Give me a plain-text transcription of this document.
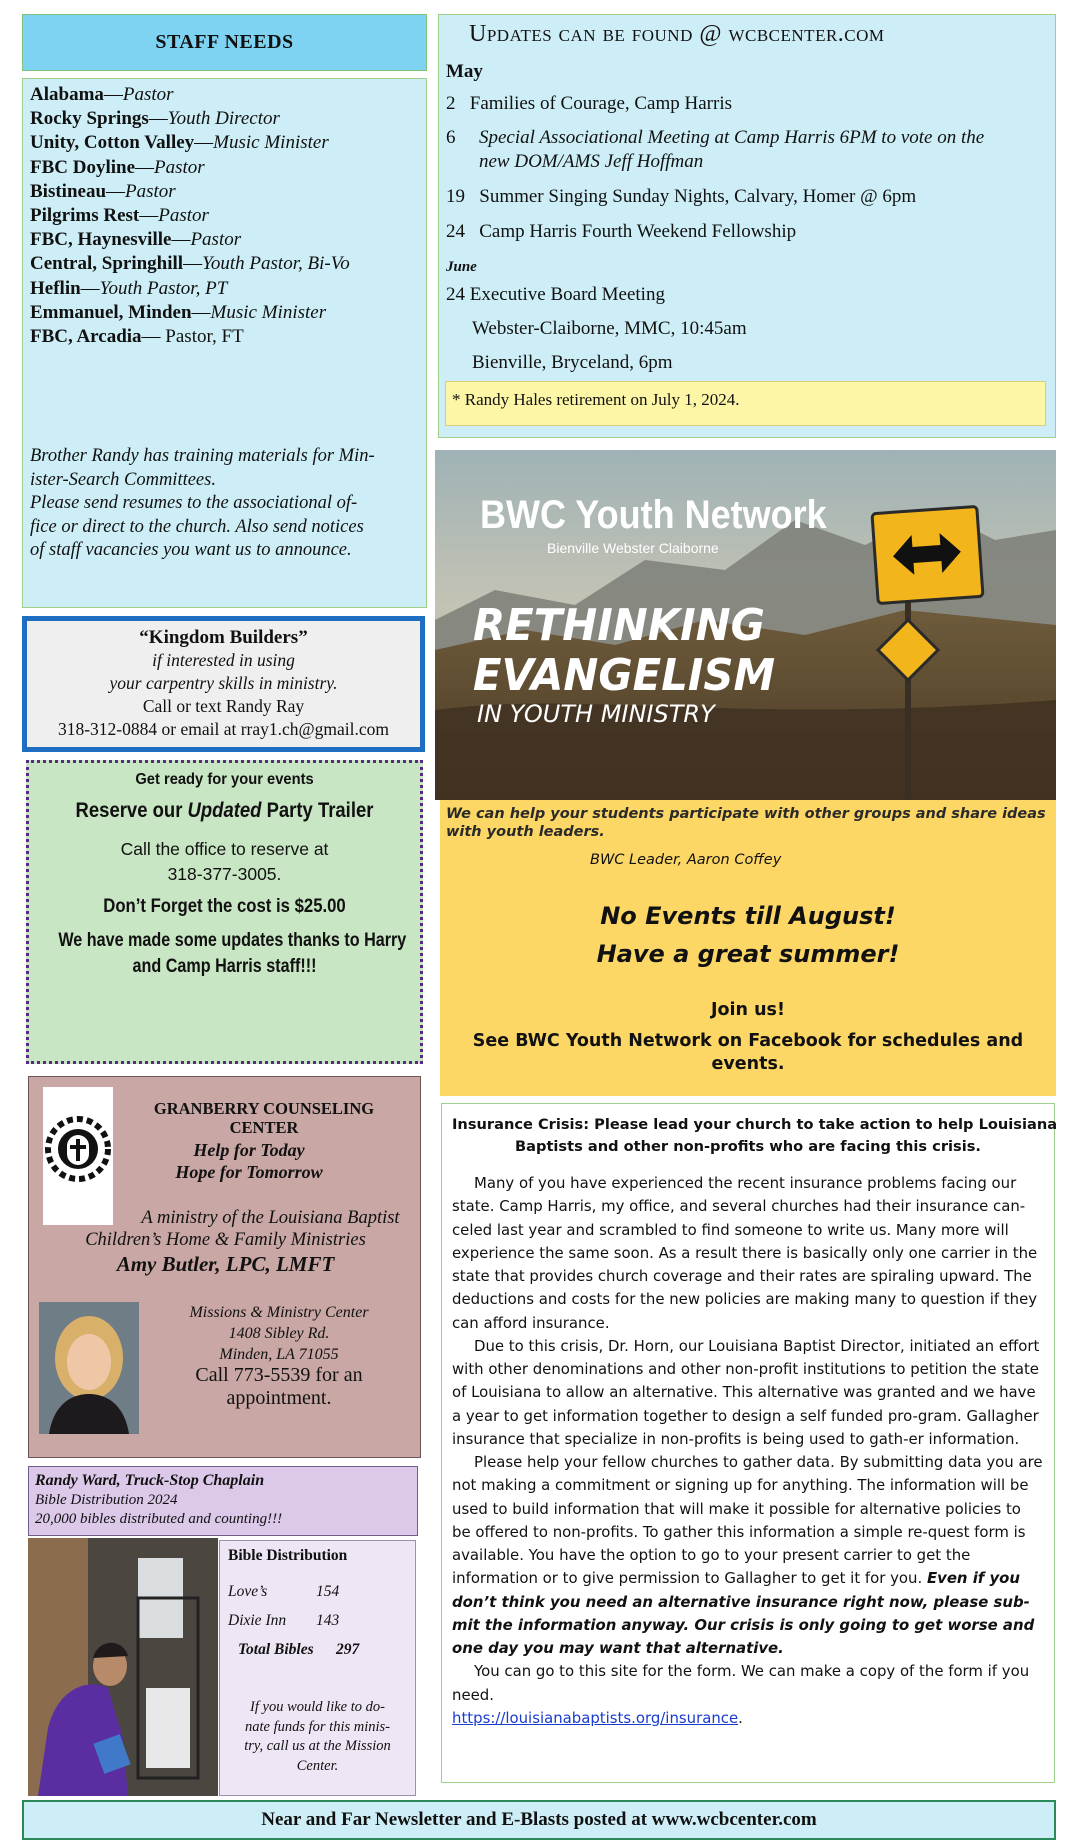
STAFF NEEDS
Alabama—Pastor
Rocky Springs—Youth Director
Unity, Cotton Valley—Music Minister
FBC Doyline—Pastor
Bistineau—Pastor
Pilgrims Rest—Pastor
FBC, Haynesville—Pastor
Central, Springhill—Youth Pastor, Bi-Vo
Heflin—Youth Pastor, PT
Emmanuel, Minden—Music Minister
FBC, Arcadia— Pastor, FT
Brother Randy has training materials for Min-
ister-Search Committees.
Please send resumes to the associational of-
fice or direct to the church. Also send notices
of staff vacancies you want us to announce.
Updates can be found @ wcbcenter.com
May
2 Families of Courage, Camp Harris
6 Special Associational Meeting at Camp Harris 6PM to vote on the
new DOM/AMS Jeff Hoffman
19 Summer Singing Sunday Nights, Calvary, Homer @ 6pm
24 Camp Harris Fourth Weekend Fellowship
June
24 Executive Board Meeting
Webster-Claiborne, MMC, 10:45am
Bienville, Bryceland, 6pm
* Randy Hales retirement on July 1, 2024.
“Kingdom Builders”
if interested in using
your carpentry skills in ministry.
Call or text Randy Ray
318-312-0884 or email at rray1.ch@gmail.com
Get ready for your events
Reserve our Updated Party Trailer
Call the office to reserve at
318-377-3005.
Don’t Forget the cost is $25.00
We have made some updates thanks to Harry
and Camp Harris staff!!!
BWC Youth Network
Bienville Webster Claiborne
RETHINKING
EVANGELISM
IN YOUTH MINISTRY
We can help your students participate with other groups and share ideas
with youth leaders.
BWC Leader, Aaron Coffey
No Events till August!
Have a great summer!
Join us!
See BWC Youth Network on Facebook for schedules and
events.
GRANBERRY COUNSELING
CENTER
Help for Today
Hope for Tomorrow
A ministry of the Louisiana Baptist
Children’s Home & Family Ministries
Amy Butler, LPC, LMFT
Missions & Ministry Center
1408 Sibley Rd.
Minden, LA 71055
Call 773-5539 for an
appointment.
Randy Ward, Truck-Stop Chaplain
Bible Distribution 2024
20,000 bibles distributed and counting!!!
Bible Distribution
Love’s	154
Dixie Inn 143
Total Bibles 297
If you would like to do-
nate funds for this minis-
try, call us at the Mission
Center.
Insurance Crisis: Please lead your church to take action to help Louisiana
Baptists and other non-profits who are facing this crisis.
Many of you have experienced the recent insurance problems facing our state. Camp Harris, my office, and several churches had their insurance can-celed last year and scrambled to find someone to write us. Many more will experience the same soon. As a result there is basically only one carrier in the state that provides church coverage and their rates are spiraling upward. The deductions and costs for the new policies are making many to question if they can afford insurance.
Due to this crisis, Dr. Horn, our Louisiana Baptist Director, initiated an effort with other denominations and other non-profit institutions to petition the state of Louisiana to allow an alternative. This alternative was granted and we have a year to get information together to design a self funded pro-gram. Gallagher insurance that specialize in non-profits is being used to gath-er information.
Please help your fellow churches to gather data. By submitting data you are not making a commitment or signing up for anything. The information will be used to build information that will make it possible for alternative policies to be offered to non-profits. To gather this information a simple re-quest form is available. You have the option to go to your present carrier to get the information or to give permission to Gallagher to get it for you. Even if you don’t think you need an alternative insurance right now, please sub-mit the information anyway. Our crisis is only going to get worse and one day you may want that alternative.
You can go to this site for the form. We can make a copy of the form if you need.
https://louisianabaptists.org/insurance.
Near and Far Newsletter and E-Blasts posted at www.wcbcenter.com
